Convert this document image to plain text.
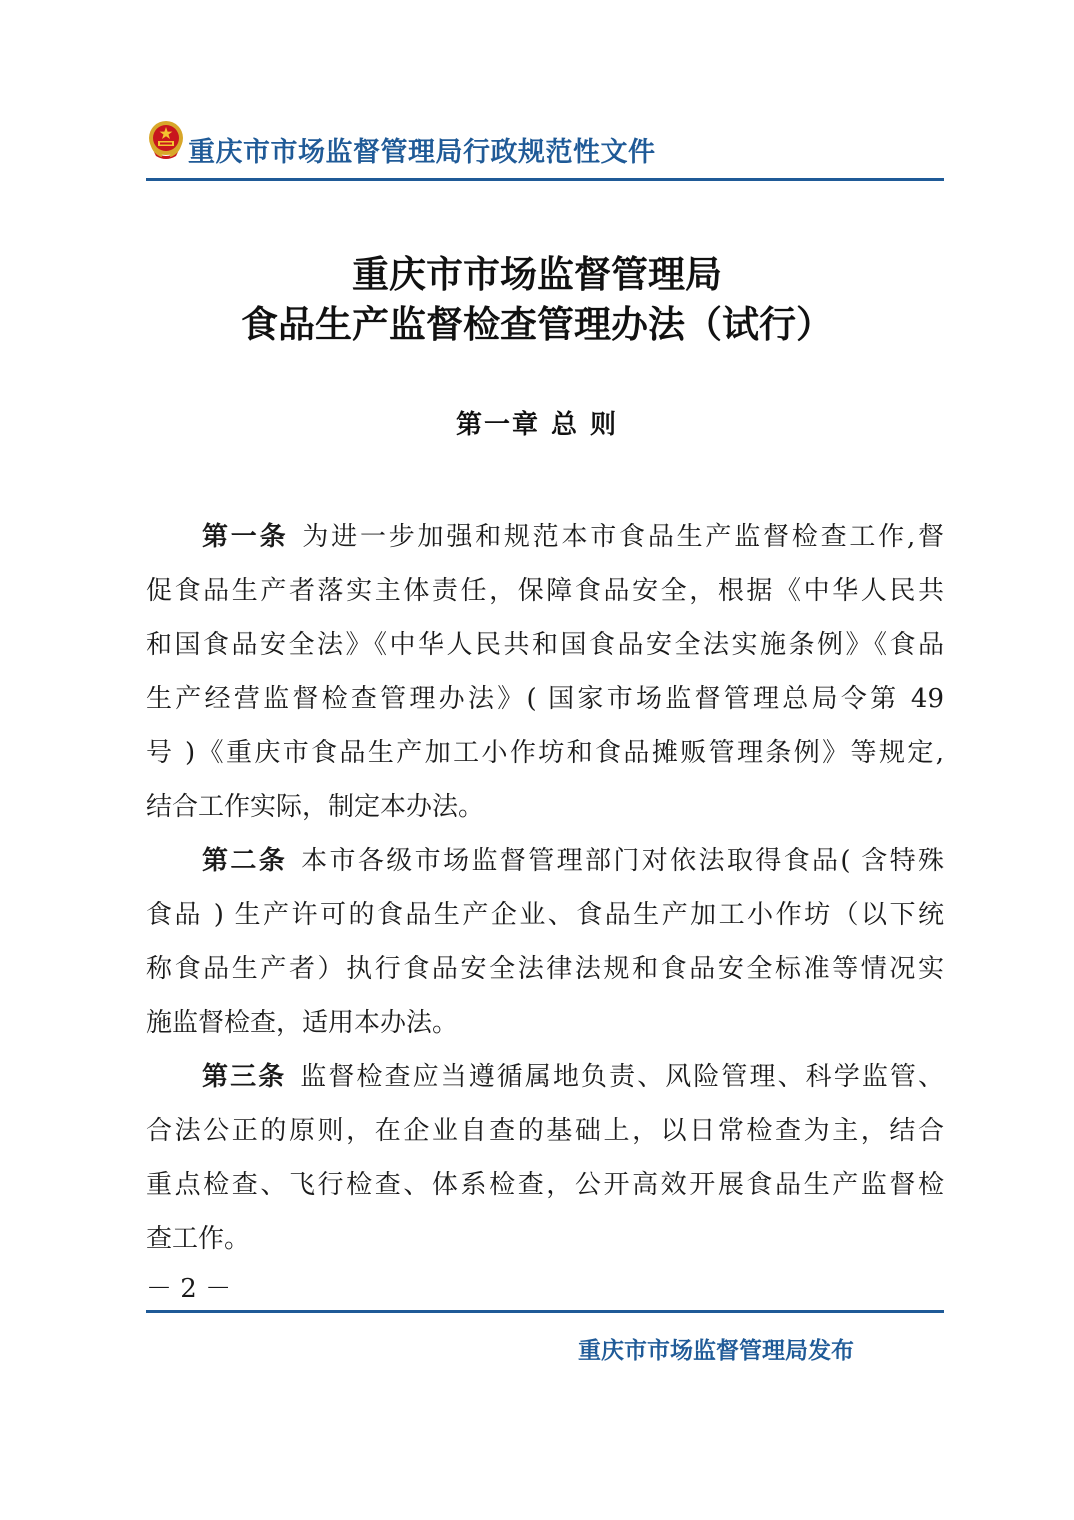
重庆市市场监督管理局行政规范性文件
重庆市市场监督管理局
食品生产监督检查管理办法（试行）
第一章 总 则
第一条 为进一步加强和规范本市食品生产监督检查工作,督
促食品生产者落实主体责任，保障食品安全，根据《中华人民共
和国食品安全法》《中华人民共和国食品安全法实施条例》《食品
生产经营监督检查管理办法》( 国家市场监督管理总局令第 49
号 )《重庆市食品生产加工小作坊和食品摊贩管理条例》等规定,
结合工作实际，制定本办法。
第二条 本市各级市场监督管理部门对依法取得食品( 含特殊
食品 ) 生产许可的食品生产企业、食品生产加工小作坊（以下统
称食品生产者）执行食品安全法律法规和食品安全标准等情况实
施监督检查，适用本办法。
第三条 监督检查应当遵循属地负责、风险管理、科学监管、
合法公正的原则，在企业自查的基础上，以日常检查为主，结合
重点检查、飞行检查、体系检查，公开高效开展食品生产监督检
查工作。
－ 2 －
重庆市市场监督管理局发布
